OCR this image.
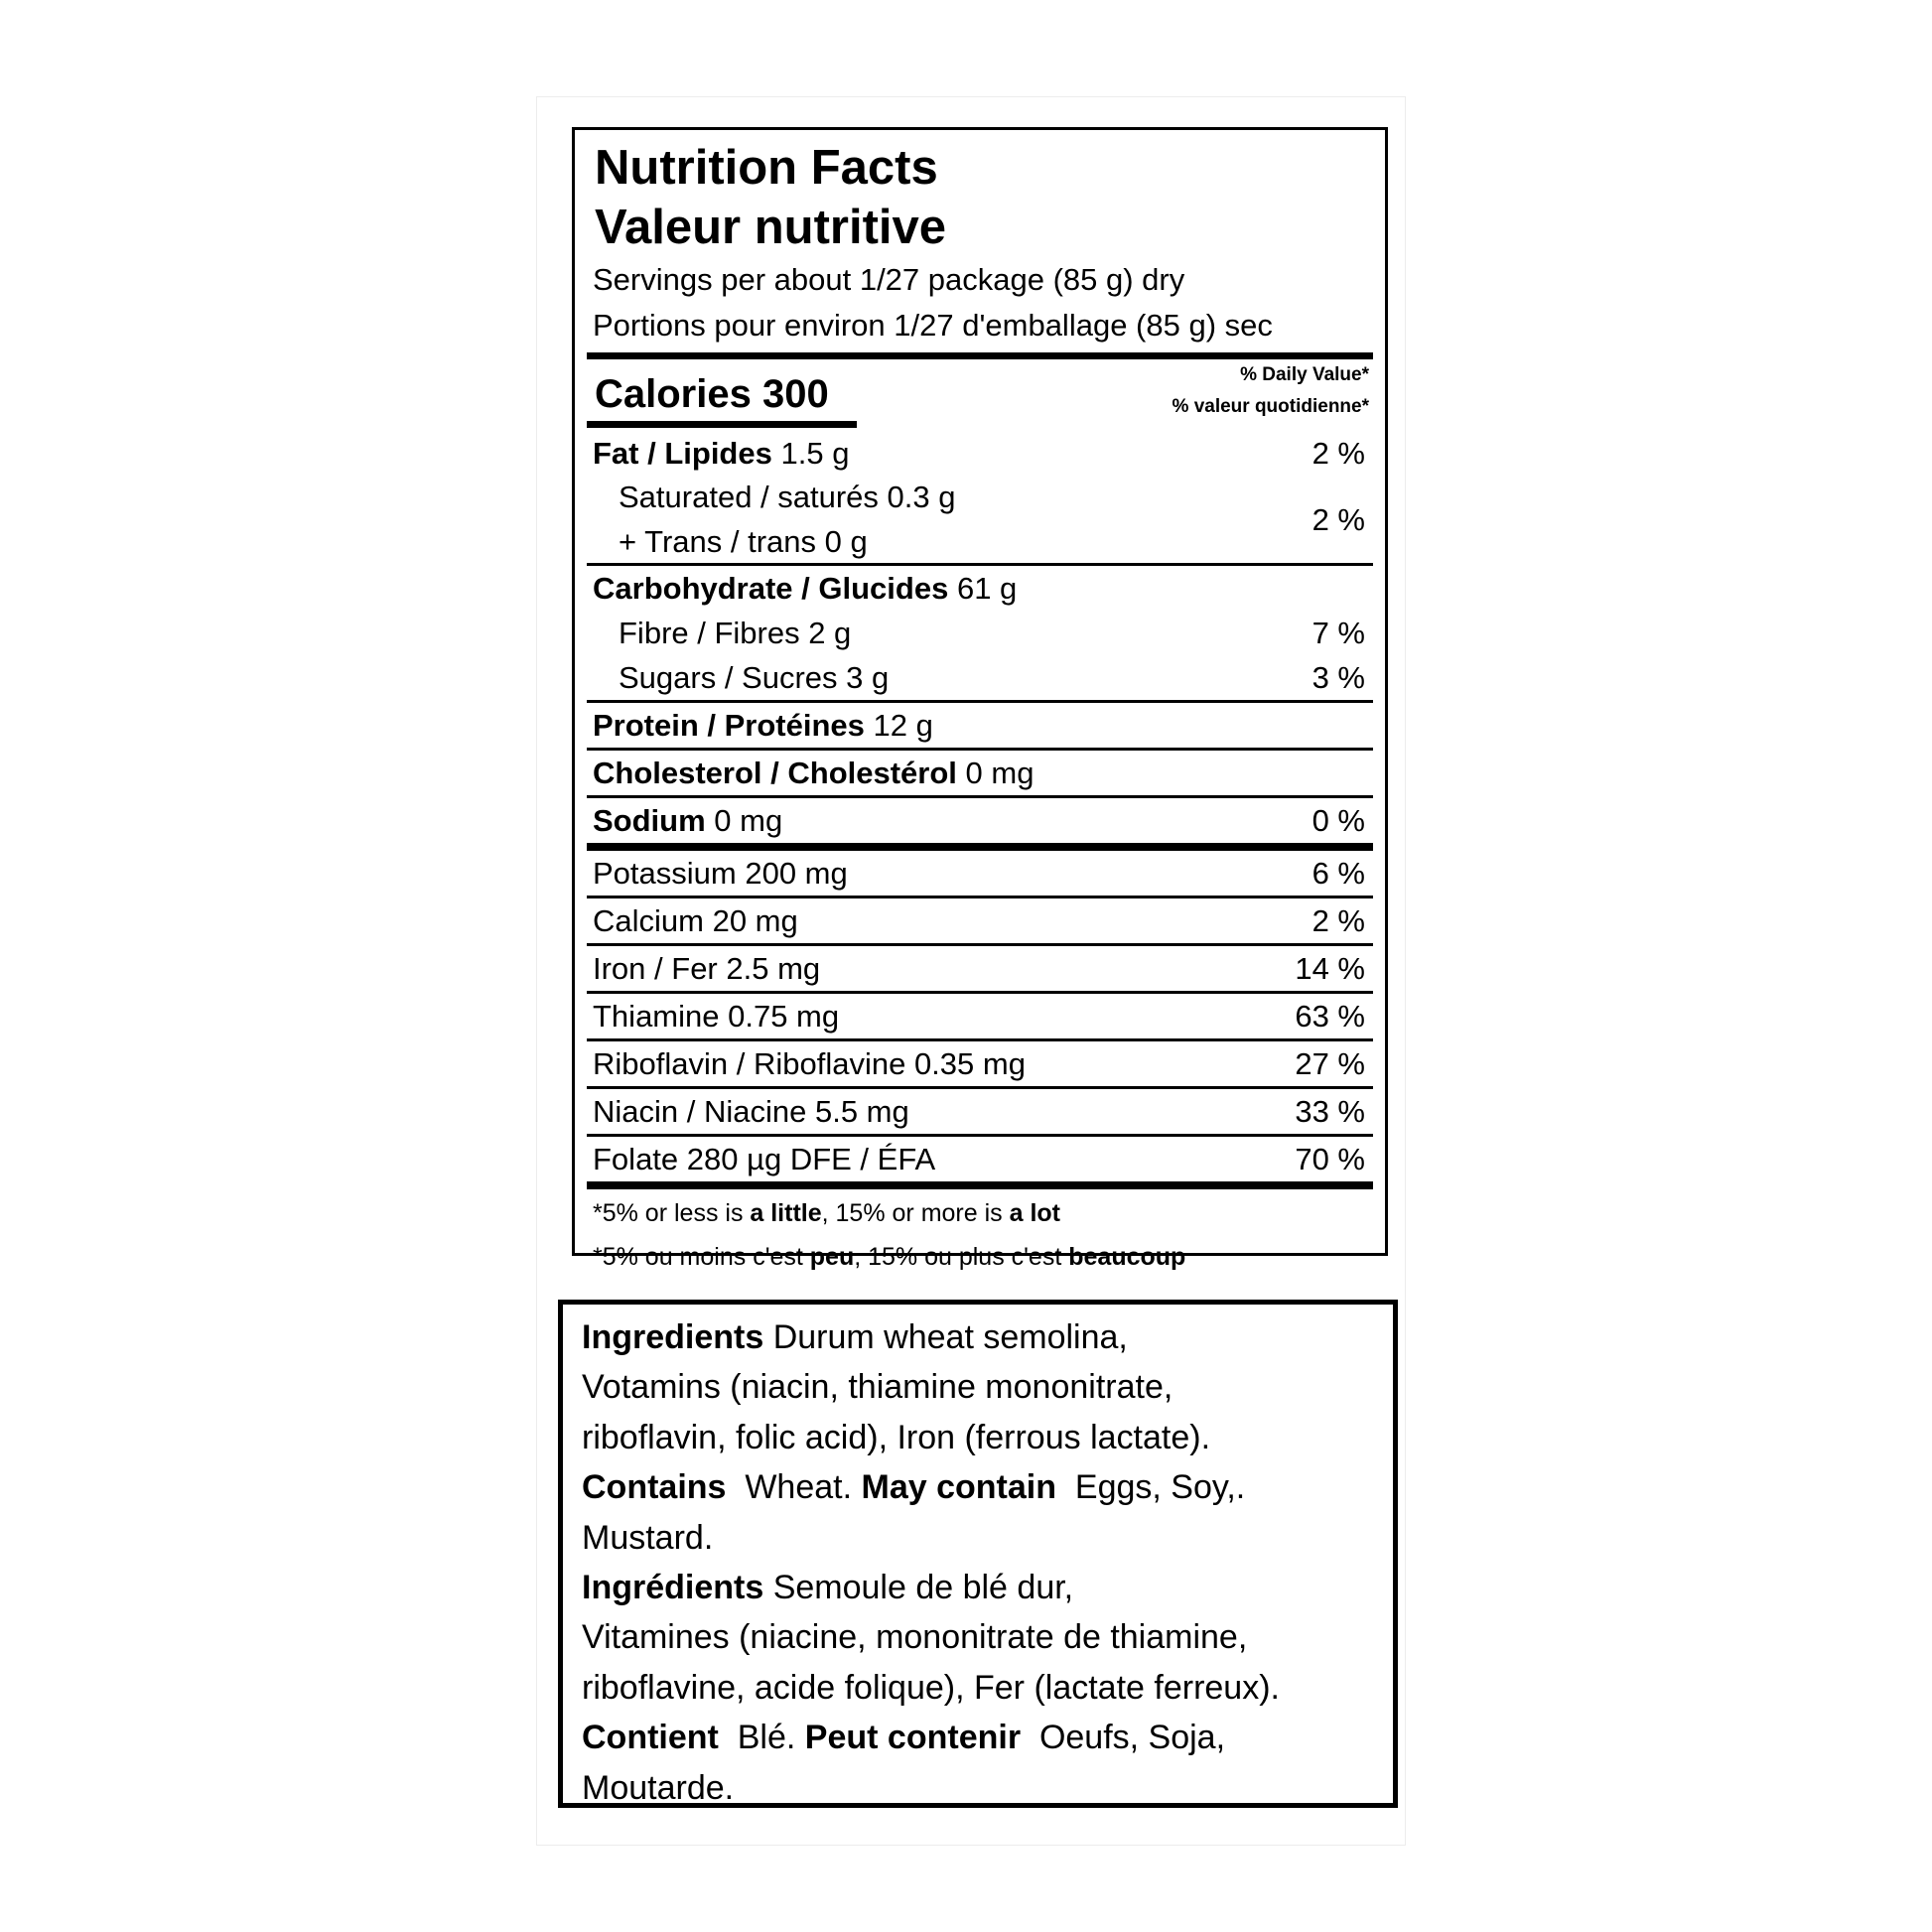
Nutrition Facts
Valeur nutritive
Servings per about 1/27 package (85 g) dry
Portions pour environ 1/27 d'emballage (85 g) sec
Calories 300	% Daily Value*
% valeur quotidienne*
Fat / Lipides 1.5 g	2 %
Saturated / saturés 0.3 g
+ Trans / trans 0 g
2 %
Carbohydrate / Glucides 61 g
Fibre / Fibres 2 g	7 %
Sugars / Sucres 3 g	3 %
Protein / Protéines 12 g
Cholesterol / Cholestérol 0 mg
Sodium 0 mg	0 %
Potassium 200 mg	6 %
Calcium 20 mg	2 %
Iron / Fer 2.5 mg	14 %
Thiamine 0.75 mg	63 %
Riboflavin / Riboflavine 0.35 mg	27 %
Niacin / Niacine 5.5 mg	33 %
Folate 280 µg DFE / ÉFA	70 %
*5% or less is a little, 15% or more is a lot
*5% ou moins c'est peu, 15% ou plus c'est beaucoup

Ingredients Durum wheat semolina,

Votamins (niacin, thiamine mononitrate,

riboflavin, folic acid), Iron (ferrous lactate).

Contains  Wheat. May contain  Eggs, Soy,.

Mustard.

Ingrédients Semoule de blé dur,

Vitamines (niacine, mononitrate de thiamine,

riboflavine, acide folique), Fer (lactate ferreux).

Contient  Blé. Peut contenir  Oeufs, Soja,

Moutarde.
